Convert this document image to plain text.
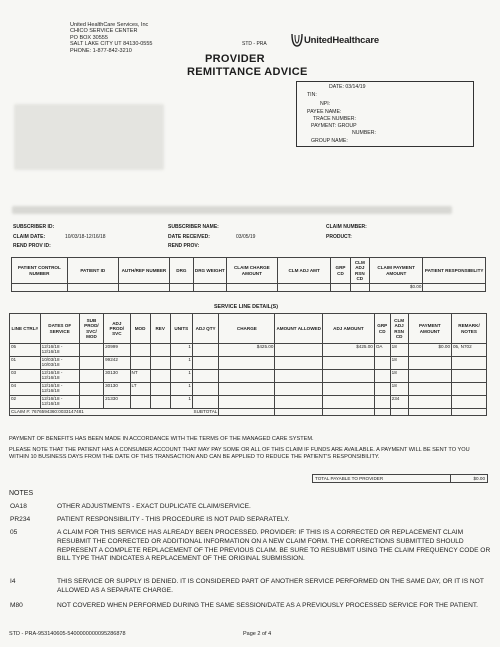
United HealthCare Services, Inc
CHICO SERVICE CENTER
PO BOX 30555
SALT LAKE CITY UT 84130-0555
PHONE: 1-877-842-3210
STD - PRA	UnitedHealthcare
PROVIDER
REMITTANCE ADVICE
DATE: 03/14/19
TIN:
NPI:
PAYEE NAME:
TRACE NUMBER:
PAYMENT: GROUP
NUMBER:
GROUP NAME:
SUBSCRIBER ID:	SUBSCRIBER NAME:	CLAIM NUMBER:
CLAIM DATE:	10/03/18-12/16/18	DATE RECEIVED:	03/05/19	PRODUCT:
REND PROV ID:	REND PROV:
PATIENT CONTROL NUMBER	PATIENT ID	AUTH/REF NUMBER	DRG	DRG WEIGHT	CLAIM CHARGE AMOUNT	CLM ADJ AMT	GRP CD	CLM ADJ RSN CD	CLAIM PAYMENT AMOUNT	PATIENT RESPONSIBILITY
									$0.00	
SERVICE LINE DETAIL(S)
LINE CTRL#	DATES OF SERVICE	SUB PROD/ SVC/ MOD	ADJ PROD/ SVC	MOD	REV	UNITS	ADJ QTY	CHARGE	AMOUNT ALLOWED	ADJ AMOUNT	GRP CD	CLM ADJ RSN CD	PAYMENT AMOUNT	REMARK/ NOTES
05	12/16/18 -
12/16/18		20999			1		$425.00		$425.00	OA	18	$0.00	05, N702
01	10/03/18 -
10/03/18		99242			1						18		
03	12/16/18 -
12/16/18		30130	NT		1						18		
04	12/16/18 -
12/16/18		30130	LT		1						18		
02	12/16/18 -
12/16/18		21330			1						234		
CLAIM #: 7676594360:0033147481 SUBTOTAL														

PAYMENT OF BENEFITS HAS BEEN MADE IN ACCORDANCE WITH THE TERMS OF THE MANAGED CARE SYSTEM.
PLEASE NOTE THAT THE PATIENT HAS A CONSUMER ACCOUNT THAT MAY PAY SOME OR ALL OF THIS CLAIM IF FUNDS ARE AVAILABLE. A PAYMENT WILL BE SENT TO YOU WITHIN 10 BUSINESS DAYS FROM THE DATE OF THIS TRANSACTION AND CAN BE APPLIED TO REDUCE THE PATIENT'S RESPONSIBILITY.
TOTAL PAYABLE TO PROVIDER	$0.00
NOTES
OA18	OTHER ADJUSTMENTS - EXACT DUPLICATE CLAIM/SERVICE.
PR234	PATIENT RESPONSIBILITY - THIS PROCEDURE IS NOT PAID SEPARATELY.
05	A CLAIM FOR THIS SERVICE HAS ALREADY BEEN PROCESSED. PROVIDER: IF THIS IS A CORRECTED OR REPLACEMENT CLAIM RESUBMIT THE CORRECTED OR ADDITIONAL INFORMATION ON A NEW CLAIM FORM. THE CORRECTIONS SUBMITTED SHOULD REPRESENT A COMPLETE REPLACEMENT OF THE PREVIOUS CLAIM. BE SURE TO RESUBMIT USING THE CLAIM FREQUENCY CODE OR BILL TYPE THAT INDICATES A REPLACEMENT OF THE ORIGINAL SUBMISSION.
I4	THIS SERVICE OR SUPPLY IS DENIED. IT IS CONSIDERED PART OF ANOTHER SERVICE PERFORMED ON THE SAME DAY, OR IT IS NOT ALLOWED AS A SEPARATE CHARGE.
M80	NOT COVERED WHEN PERFORMED DURING THE SAME SESSION/DATE AS A PREVIOUSLY PROCESSED SERVICE FOR THE PATIENT.
STD - PRA-953140605-5400000000095286878	Page 2 of 4
